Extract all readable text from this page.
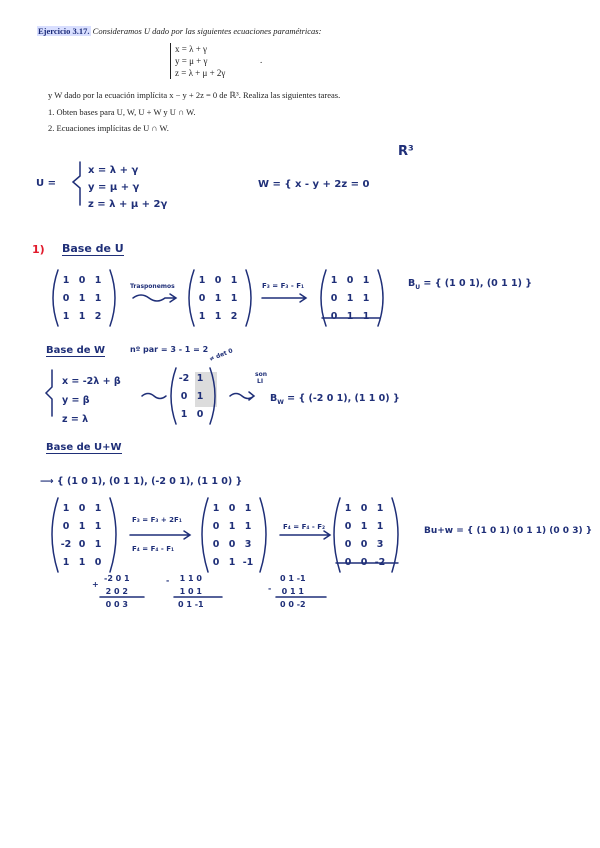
Ejercicio 3.17. Consideramos U dado por las siguientes ecuaciones paramétricas:
x = λ + γ
y = μ + γ
z = λ + μ + 2γ
.
y W dado por la ecuación implícita x − y + 2z = 0 de ℝ³. Realiza las siguientes tareas.
1. Obten bases para U, W, U + W y U ∩ W.
2. Ecuaciones implícitas de U ∩ W.
R³
U =
x = λ + γ
y = μ + γ
z = λ + μ + 2γ
W = { x - y + 2z = 0
1) Base de U
1 0 1
0 1 1
1 1 2
Trasponemos
1 0 1
0 1 1
1 1 2
F₃ = F₃ - F₁	1 0 1
0 1 1
0 1 1
$B_U$ = { (1 0 1), (0 1 1) }
Base de W	nº par = 3 - 1 = 2
x = -2λ + β
y = β
z = λ
-2 1
0 1
1 0
≠ det 0
son
LI
$B_W$ = { (-2 0 1), (1 1 0) }
Base de U+W
⟶ { (1 0 1), (0 1 1), (-2 0 1), (1 1 0) }
1 0 1
0 1 1
-2 0 1
1 1 0
F₃ = F₃ + 2F₁
F₄ = F₄ - F₁
1 0 1
0 1 1
0 0 3
0 1 -1
F₄ = F₄ - F₂
1 0 1
0 1 1
0 0 3
0 0 -2
Bu+w = { (1 0 1) (0 1 1) (0 0 3) }
+
-2 0 1
2 0 2
0 0 3
- 1 1 0
1 0 1
0 1 -1
-
0 1 -1
0 1 1
0 0 -2
